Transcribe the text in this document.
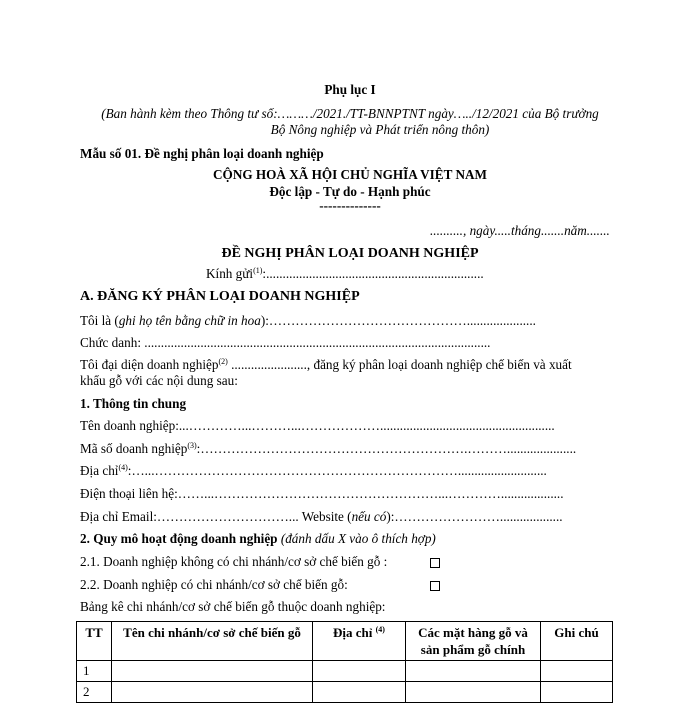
Phụ lục I
(Ban hành kèm theo Thông tư số:………/2021./TT-BNNPTNT ngày…../12/2021 của Bộ trưởng
Bộ Nông nghiệp và Phát triển nông thôn)
Mẫu số 01. Đề nghị phân loại doanh nghiệp
CỘNG HOÀ XÃ HỘI CHỦ NGHĨA VIỆT NAM
Độc lập - Tự do - Hạnh phúc
--------------
.........., ngày.....tháng.......năm.......
ĐỀ NGHỊ PHÂN LOẠI DOANH NGHIỆP
Kính gửi$^{(1)}$:..................................................................
A. ĐĂNG KÝ PHÂN LOẠI DOANH NGHIỆP
Tôi là (ghi họ tên bằng chữ in hoa):……………………………………….....................
Chức danh: .........................................................................................................
Tôi đại diện doanh nghiệp$^{(2)}$ ......................., đăng ký phân loại doanh nghiệp chế biến và xuất
khẩu gỗ với các nội dung sau:
1. Thông tin chung
Tên doanh nghiệp:...…………...………...……………….....................................................
Mã số doanh nghiệp$^{(3)}$:…………………………………………………….……….....................
Địa chỉ$^{(4)}$:…...……………………………………………………………...........................
Điện thoại liên hệ:……...……………………………………………...…………...................
Địa chỉ Email:…………………………... Website (nếu có):……………………...................
2. Quy mô hoạt động doanh nghiệp (đánh dấu X vào ô thích hợp)
2.1. Doanh nghiệp không có chi nhánh/cơ sở chế biến gỗ :
2.2. Doanh nghiệp có chi nhánh/cơ sở chế biến gỗ:
Bảng kê chi nhánh/cơ sở chế biến gỗ thuộc doanh nghiệp:
TT	Tên chi nhánh/cơ sở chế biến gỗ	Địa chỉ $^{(4)}$	Các mặt hàng gỗ và
sản phẩm gỗ chính	Ghi chú
1				
2				
